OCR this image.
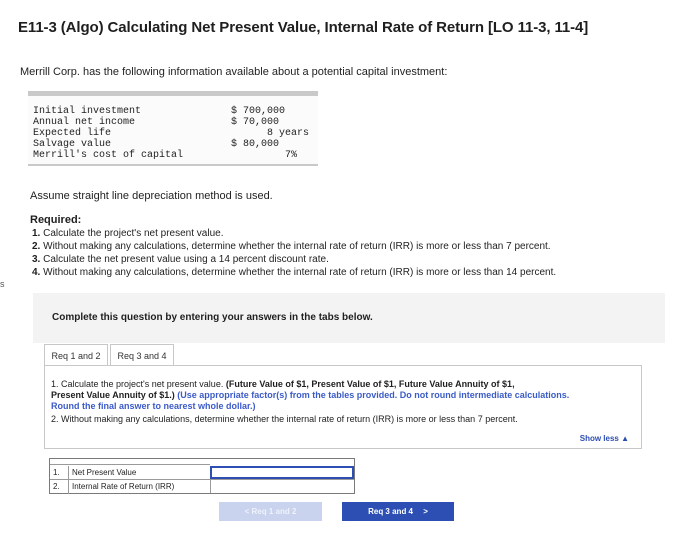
E11-3 (Algo) Calculating Net Present Value, Internal Rate of Return [LO 11-3, 11-4]
Merrill Corp. has the following information available about a potential capital investment:
Initial investment	$ 700,000
Annual net income	$ 70,000
Expected life	8 years
Salvage value	$ 80,000
Merrill's cost of capital	7%
Assume straight line depreciation method is used.
Required:
1. Calculate the project's net present value.
2. Without making any calculations, determine whether the internal rate of return (IRR) is more or less than 7 percent.
3. Calculate the net present value using a 14 percent discount rate.
4. Without making any calculations, determine whether the internal rate of return (IRR) is more or less than 14 percent.
s
Complete this question by entering your answers in the tabs below.
Req 1 and 2	Req 3 and 4
1. Calculate the project's net present value. (Future Value of $1, Present Value of $1, Future Value Annuity of $1,
Present Value Annuity of $1.) (Use appropriate factor(s) from the tables provided. Do not round intermediate calculations.
Round the final answer to nearest whole dollar.)
2. Without making any calculations, determine whether the internal rate of return (IRR) is more or less than 7 percent.
Show less ▲
1.	Net Present Value
2.	Internal Rate of Return (IRR)
< Req 1 and 2	Req 3 and 4 >
